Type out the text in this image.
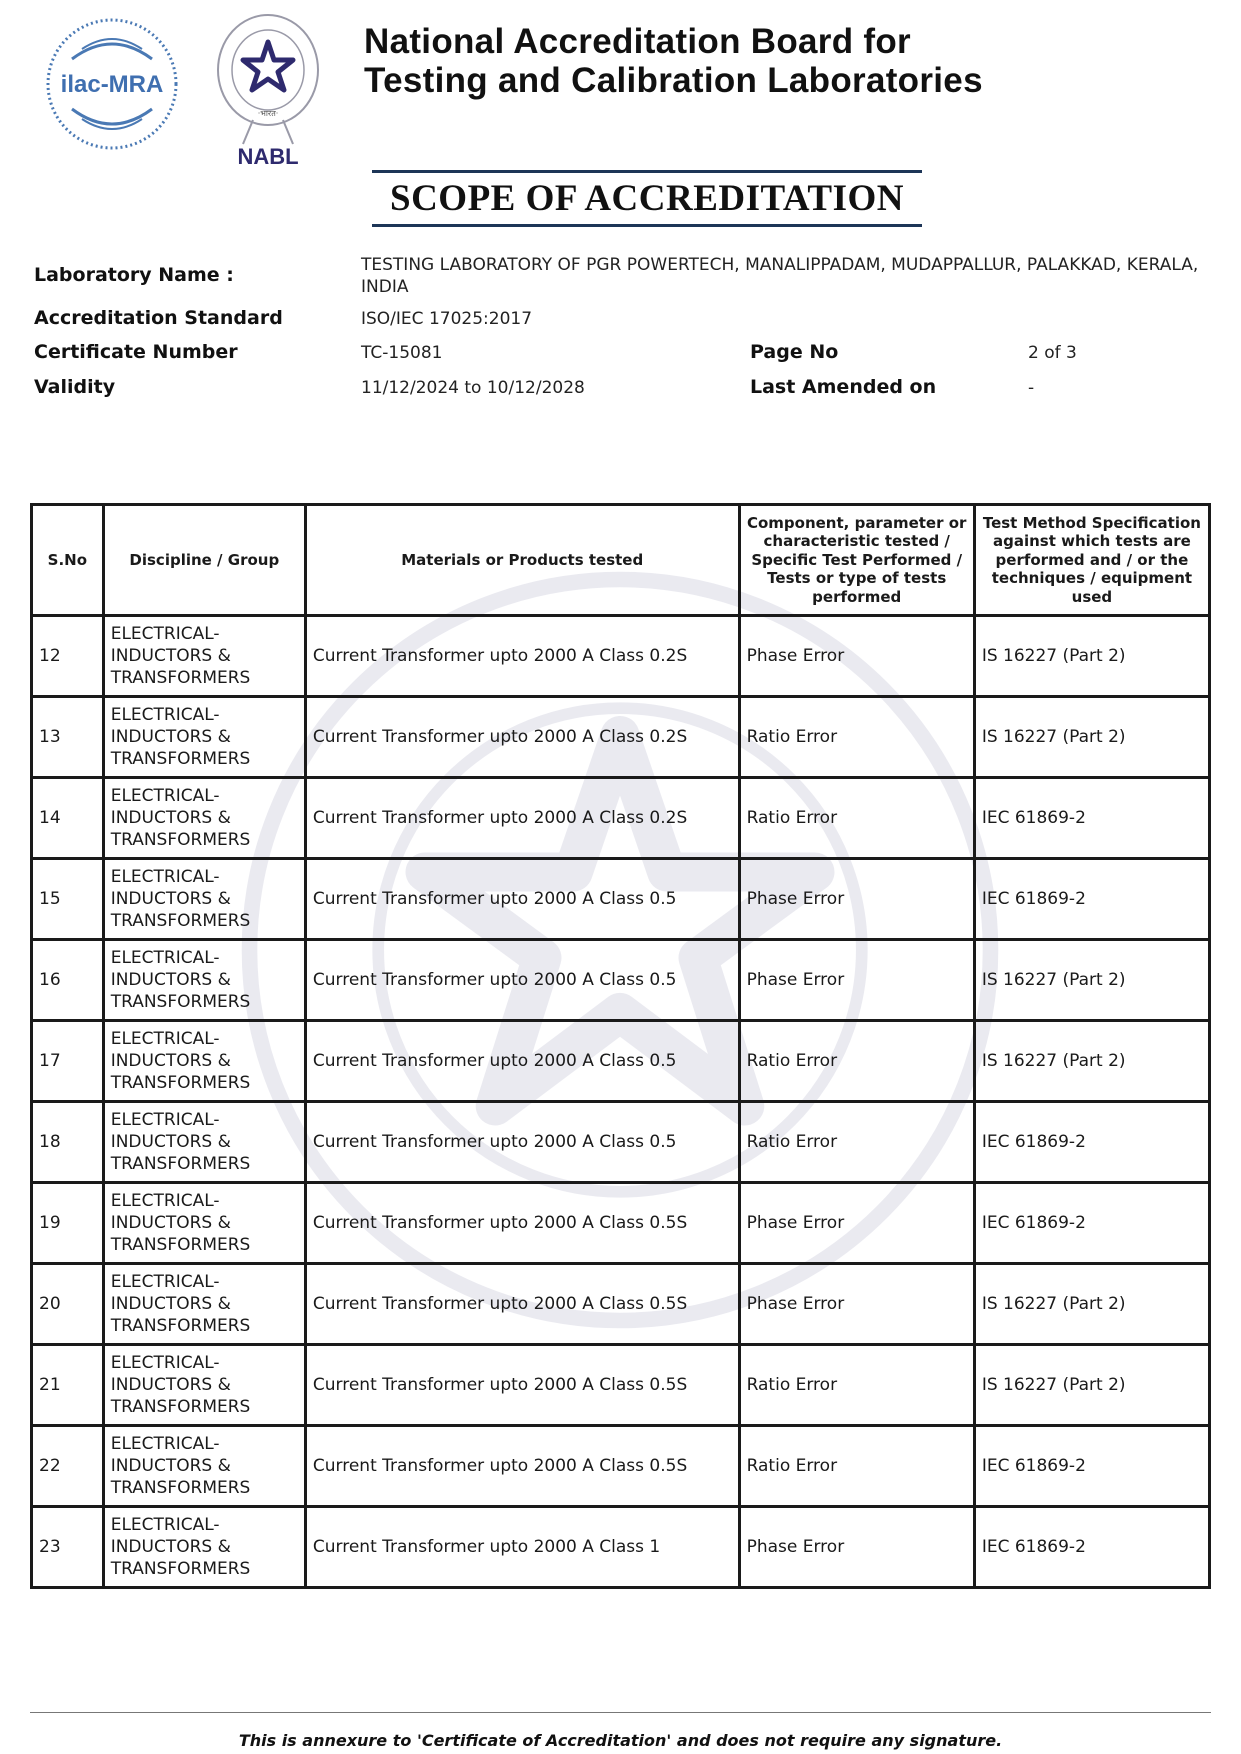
ilac-MRA
·भारत·
NABL
National Accreditation Board for
Testing and Calibration Laboratories
SCOPE OF ACCREDITATION
Laboratory Name :	TESTING LABORATORY OF PGR POWERTECH, MANALIPPADAM, MUDAPPALLUR, PALAKKAD, KERALA,
INDIA
Accreditation Standard	ISO/IEC 17025:2017
Certificate Number	TC-15081	Page No	2 of 3
Validity	11/12/2024 to 10/12/2028	Last Amended on	-
S.No	Discipline / Group	Materials or Products tested	Component, parameter or characteristic tested / Specific Test Performed / Tests or type of tests performed	Test Method Specification against which tests are performed and / or the techniques / equipment used
12	ELECTRICAL-
INDUCTORS &
TRANSFORMERS	Current Transformer upto 2000 A Class 0.2S	Phase Error	IS 16227 (Part 2)
13	ELECTRICAL-
INDUCTORS &
TRANSFORMERS	Current Transformer upto 2000 A Class 0.2S	Ratio Error	IS 16227 (Part 2)
14	ELECTRICAL-
INDUCTORS &
TRANSFORMERS	Current Transformer upto 2000 A Class 0.2S	Ratio Error	IEC 61869-2
15	ELECTRICAL-
INDUCTORS &
TRANSFORMERS	Current Transformer upto 2000 A Class 0.5	Phase Error	IEC 61869-2
16	ELECTRICAL-
INDUCTORS &
TRANSFORMERS	Current Transformer upto 2000 A Class 0.5	Phase Error	IS 16227 (Part 2)
17	ELECTRICAL-
INDUCTORS &
TRANSFORMERS	Current Transformer upto 2000 A Class 0.5	Ratio Error	IS 16227 (Part 2)
18	ELECTRICAL-
INDUCTORS &
TRANSFORMERS	Current Transformer upto 2000 A Class 0.5	Ratio Error	IEC 61869-2
19	ELECTRICAL-
INDUCTORS &
TRANSFORMERS	Current Transformer upto 2000 A Class 0.5S	Phase Error	IEC 61869-2
20	ELECTRICAL-
INDUCTORS &
TRANSFORMERS	Current Transformer upto 2000 A Class 0.5S	Phase Error	IS 16227 (Part 2)
21	ELECTRICAL-
INDUCTORS &
TRANSFORMERS	Current Transformer upto 2000 A Class 0.5S	Ratio Error	IS 16227 (Part 2)
22	ELECTRICAL-
INDUCTORS &
TRANSFORMERS	Current Transformer upto 2000 A Class 0.5S	Ratio Error	IEC 61869-2
23	ELECTRICAL-
INDUCTORS &
TRANSFORMERS	Current Transformer upto 2000 A Class 1	Phase Error	IEC 61869-2
This is annexure to 'Certificate of Accreditation' and does not require any signature.
